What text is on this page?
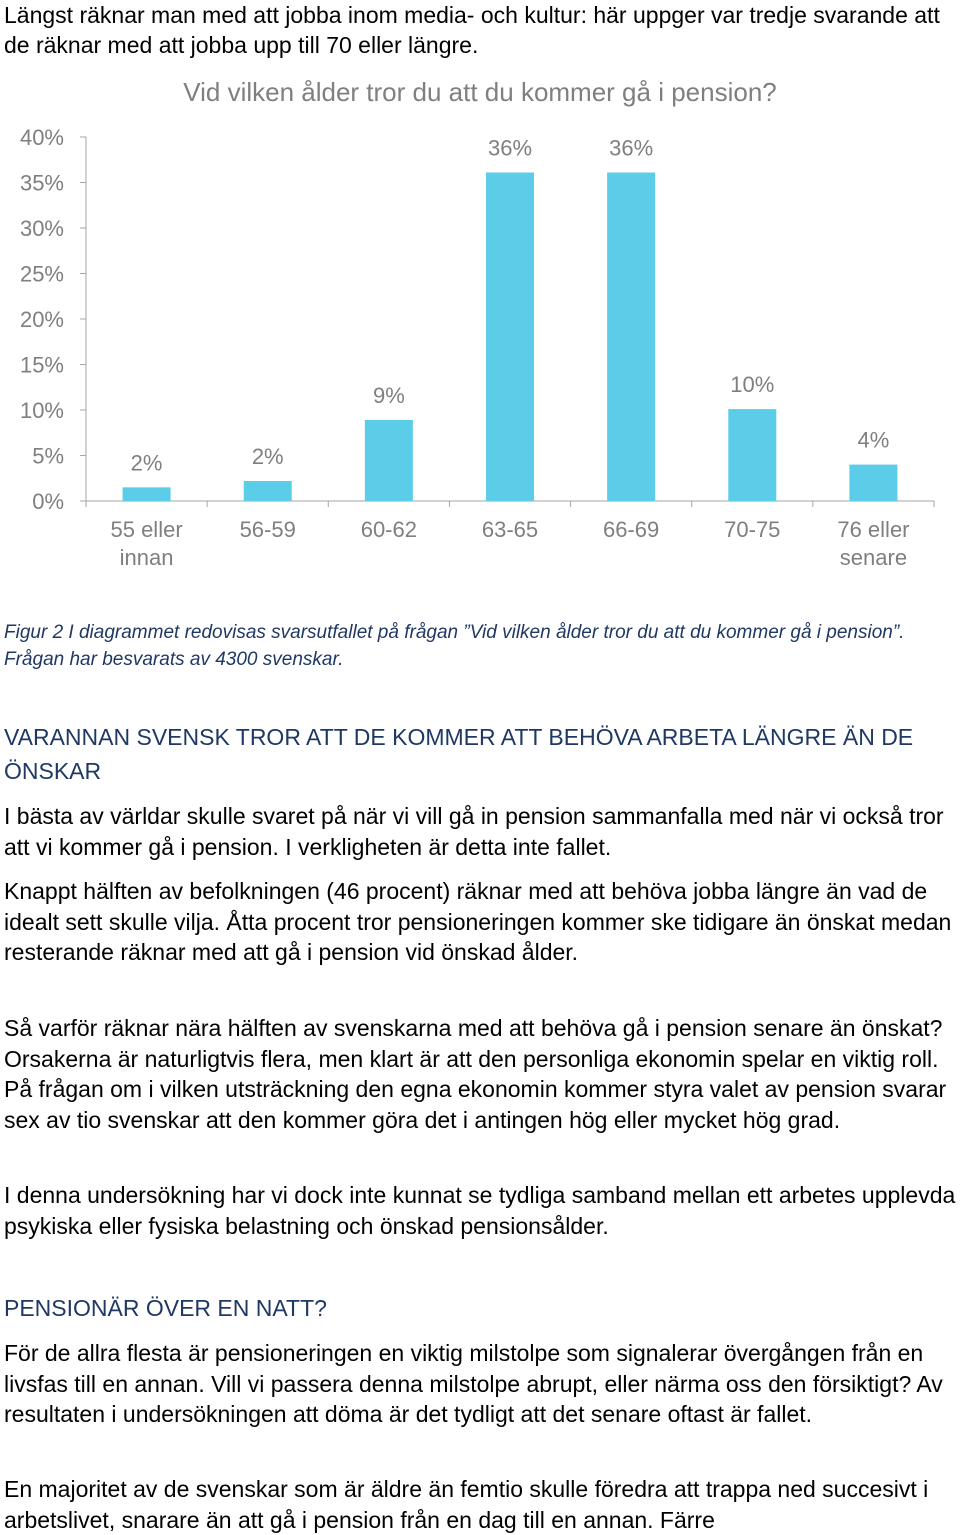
Längst räknar man med att jobba inom media- och kultur: här uppger var tredje svarande att de räknar med att jobba upp till 70 eller längre.

Vid vilken ålder tror du att du kommer gå i pension?
0%
5%
10%
15%
20%
25%
30%
35%
40%
2%	2%
9%
36%	36%
10%
4%
55 eller
innan
56-59	60-62	63-65	66-69	70-75	76 eller
senare

Figur 2 I diagrammet redovisas svarsutfallet på frågan ”Vid vilken ålder tror du att du kommer gå i pension”. Frågan har besvarats av 4300 svenskar.

VARANNAN SVENSK TROR ATT DE KOMMER ATT BEHÖVA ARBETA LÄNGRE ÄN DE ÖNSKAR

I bästa av världar skulle svaret på när vi vill gå in pension sammanfalla med när vi också tror att vi kommer gå i pension. I verkligheten är detta inte fallet.

Knappt hälften av befolkningen (46 procent) räknar med att behöva jobba längre än vad de idealt sett skulle vilja. Åtta procent tror pensioneringen kommer ske tidigare än önskat medan resterande räknar med att gå i pension vid önskad ålder.

Så varför räknar nära hälften av svenskarna med att behöva gå i pension senare än önskat? Orsakerna är naturligtvis flera, men klart är att den personliga ekonomin spelar en viktig roll. På frågan om i vilken utsträckning den egna ekonomin kommer styra valet av pension svarar sex av tio svenskar att den kommer göra det i antingen hög eller mycket hög grad.

I denna undersökning har vi dock inte kunnat se tydliga samband mellan ett arbetes upplevda psykiska eller fysiska belastning och önskad pensionsålder.

PENSIONÄR ÖVER EN NATT?

För de allra flesta är pensioneringen en viktig milstolpe som signalerar övergången från en livsfas till en annan. Vill vi passera denna milstolpe abrupt, eller närma oss den försiktigt? Av resultaten i undersökningen att döma är det tydligt att det senare oftast är fallet.

En majoritet av de svenskar som är äldre än femtio skulle föredra att trappa ned succesivt i arbetslivet, snarare än att gå i pension från en dag till en annan. Färre
